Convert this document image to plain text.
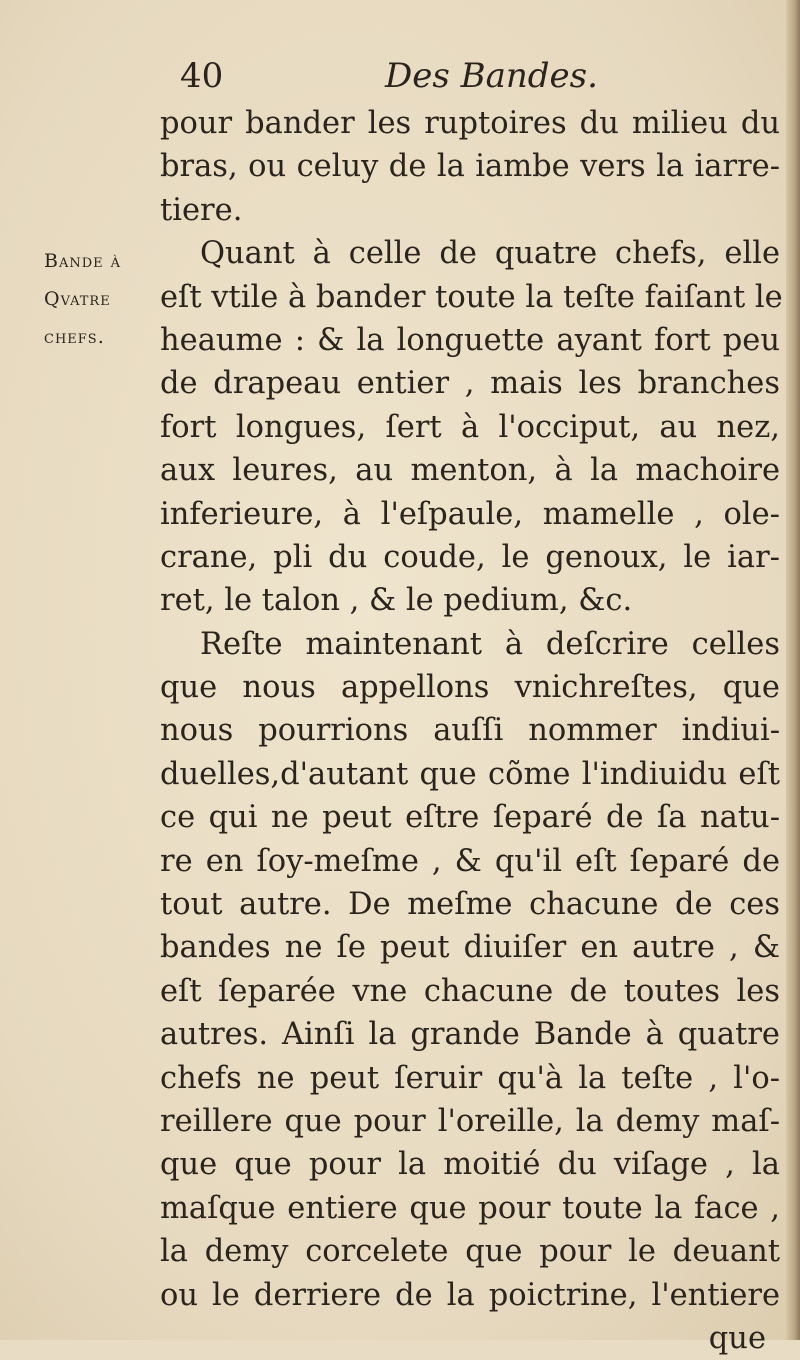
40	Des Bandes.
Bande à
Qvatre
chefs.
pour bander les ruptoires du milieu du
bras, ou celuy de la iambe vers la iarre-
tiere.
Quant à celle de quatre chefs, elle
eſt vtile à bander toute la teſte faiſant le
heaume : & la longuette ayant fort peu
de drapeau entier , mais les branches
fort longues, ſert à l'occiput, au nez,
aux leures, au menton, à la machoire
inferieure, à l'eſpaule, mamelle , ole-
crane, pli du coude, le genoux, le iar-
ret, le talon , & le pedium, &c.
Reſte maintenant à deſcrire celles
que nous appellons vnichreſtes, que
nous pourrions auſſi nommer indiui-
duelles,d'autant que cõme l'indiuidu eſt
ce qui ne peut eſtre ſeparé de ſa natu-
re en ſoy-meſme , & qu'il eſt ſeparé de
tout autre. De meſme chacune de ces
bandes ne ſe peut diuiſer en autre , &
eſt ſeparée vne chacune de toutes les
autres. Ainſi la grande Bande à quatre
chefs ne peut ſeruir qu'à la teſte , l'o-
reillere que pour l'oreille, la demy maſ-
que que pour la moitié du viſage , la
maſque entiere que pour toute la face ,
la demy corcelete que pour le deuant
ou le derriere de la poictrine, l'entiere
que
